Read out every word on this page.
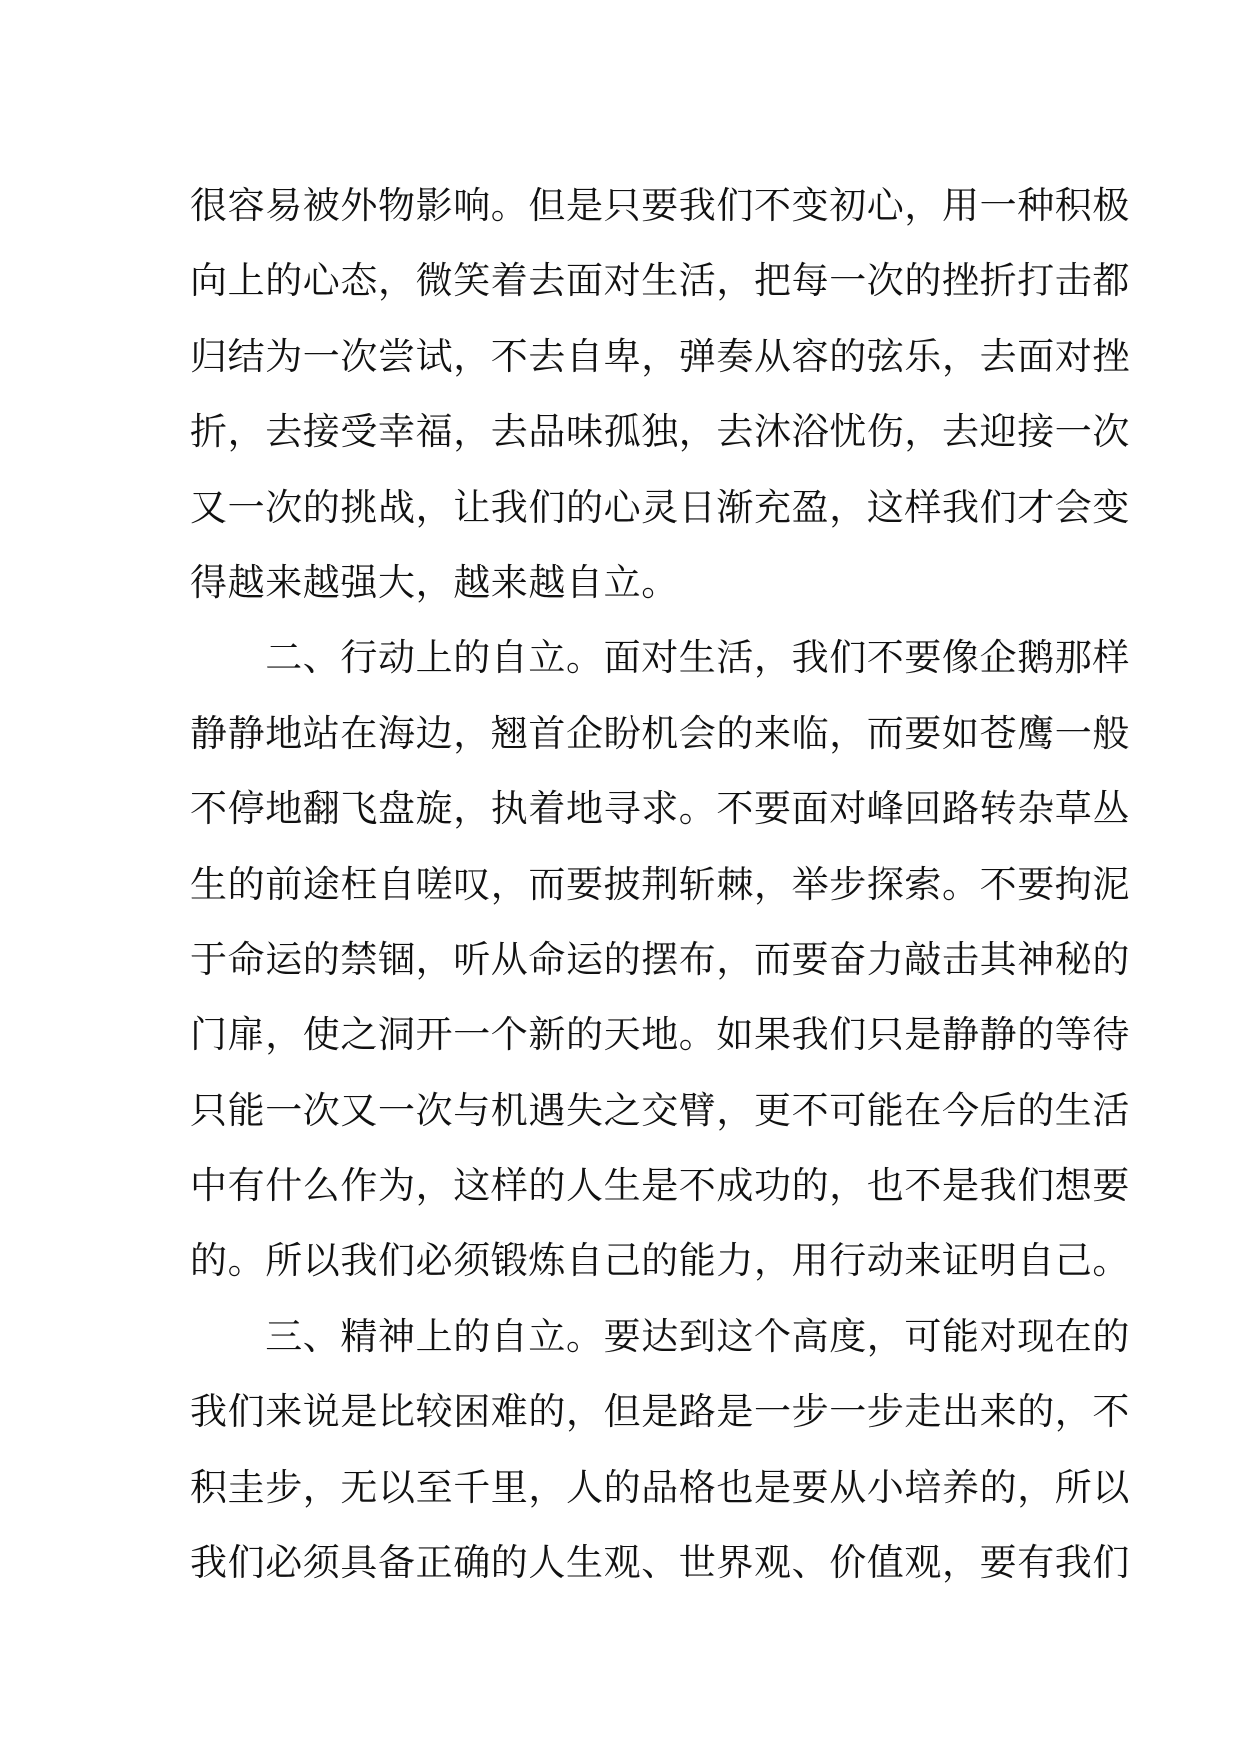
很容易被外物影响。但是只要我们不变初心，用一种积极
向上的心态，微笑着去面对生活，把每一次的挫折打击都
归结为一次尝试，不去自卑，弹奏从容的弦乐，去面对挫
折，去接受幸福，去品味孤独，去沐浴忧伤，去迎接一次
又一次的挑战，让我们的心灵日渐充盈，这样我们才会变
得越来越强大，越来越自立。
　　二、行动上的自立。面对生活，我们不要像企鹅那样
静静地站在海边，翘首企盼机会的来临，而要如苍鹰一般
不停地翻飞盘旋，执着地寻求。不要面对峰回路转杂草丛
生的前途枉自嗟叹，而要披荆斩棘，举步探索。不要拘泥
于命运的禁锢，听从命运的摆布，而要奋力敲击其神秘的
门扉，使之洞开一个新的天地。如果我们只是静静的等待
只能一次又一次与机遇失之交臂，更不可能在今后的生活
中有什么作为，这样的人生是不成功的，也不是我们想要
的。所以我们必须锻炼自己的能力，用行动来证明自己。
　　三、精神上的自立。要达到这个高度，可能对现在的
我们来说是比较困难的，但是路是一步一步走出来的，不
积圭步，无以至千里，人的品格也是要从小培养的，所以
我们必须具备正确的人生观、世界观、价值观，要有我们
